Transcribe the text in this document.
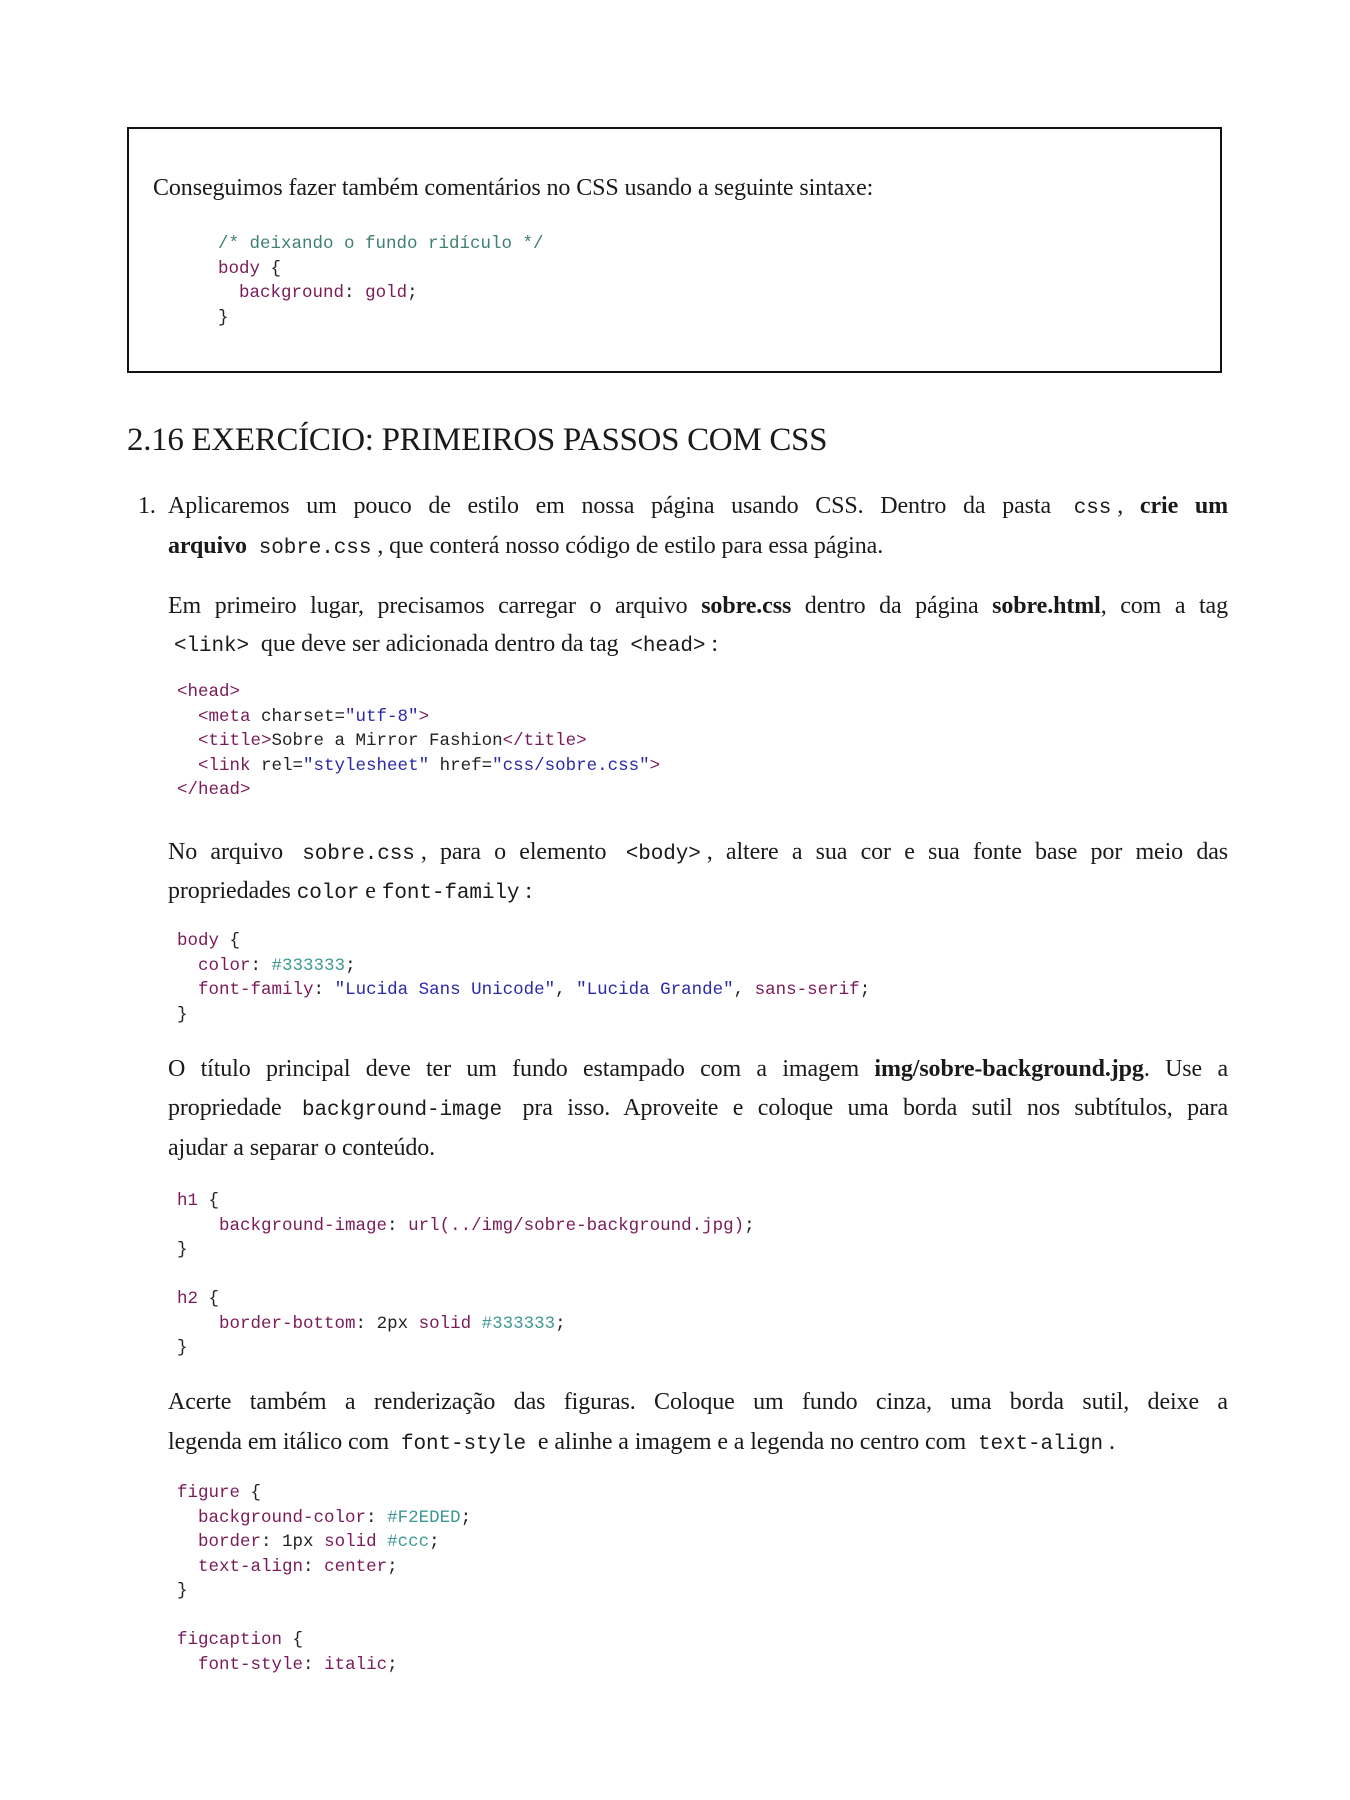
Conseguimos fazer também comentários no CSS usando a seguinte sintaxe:
/* deixando o fundo ridículo */
body {
background: gold;
}
2.16 EXERCÍCIO: PRIMEIROS PASSOS COM CSS
1. Aplicaremos um pouco de estilo em nossa página usando CSS. Dentro da pasta css , crie um
arquivo sobre.css , que conterá nosso código de estilo para essa página.
Em primeiro lugar, precisamos carregar o arquivo sobre.css dentro da página sobre.html, com a tag
<link> que deve ser adicionada dentro da tag <head> :
<head>
<meta charset="utf-8">
<title>Sobre a Mirror Fashion</title>
<link rel="stylesheet" href="css/sobre.css">
</head>
No arquivo sobre.css , para o elemento <body> , altere a sua cor e sua fonte base por meio das
propriedades color e font-family :
body {
color: #333333;
font-family: "Lucida Sans Unicode", "Lucida Grande", sans-serif;
}
O título principal deve ter um fundo estampado com a imagem img/sobre-background.jpg. Use a
propriedade background-image pra isso. Aproveite e coloque uma borda sutil nos subtítulos, para
ajudar a separar o conteúdo.
h1 {
background-image: url(../img/sobre-background.jpg);
}

h2 {
border-bottom: 2px solid #333333;
}
Acerte também a renderização das figuras. Coloque um fundo cinza, uma borda sutil, deixe a
legenda em itálico com font-style e alinhe a imagem e a legenda no centro com text-align .
figure {
background-color: #F2EDED;
border: 1px solid #ccc;
text-align: center;
}

figcaption {
font-style: italic;
